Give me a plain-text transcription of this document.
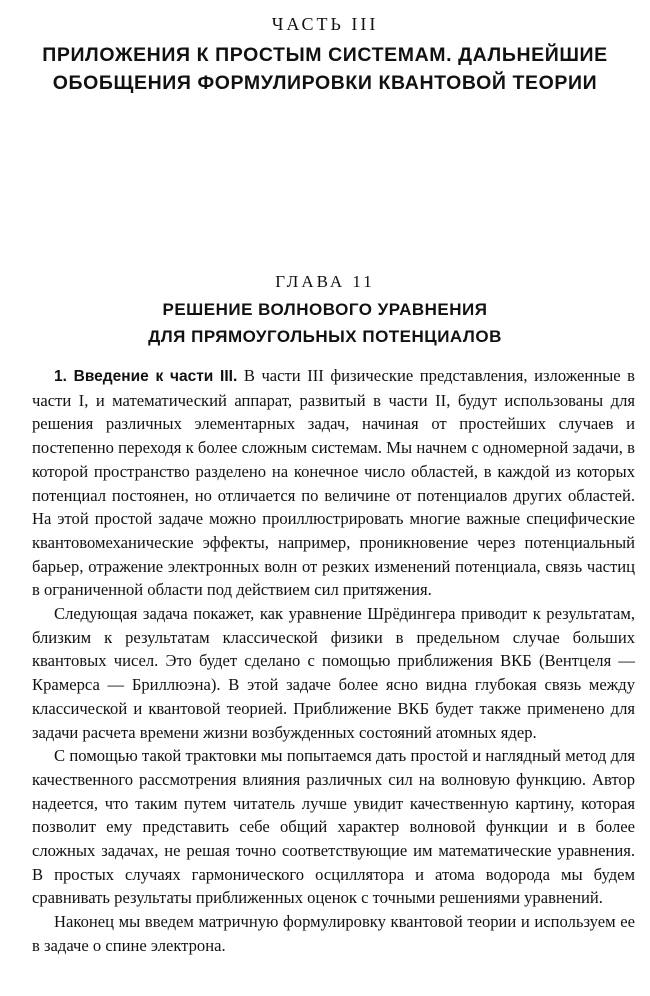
ЧАСТЬ III
ПРИЛОЖЕНИЯ К ПРОСТЫМ СИСТЕМАМ. ДАЛЬНЕЙШИЕ
ОБОБЩЕНИЯ ФОРМУЛИРОВКИ КВАНТОВОЙ ТЕОРИИ
ГЛАВА 11
РЕШЕНИЕ ВОЛНОВОГО УРАВНЕНИЯ
ДЛЯ ПРЯМОУГОЛЬНЫХ ПОТЕНЦИАЛОВ

1. Введение к части III. В части III физические представления, изложенные в части I, и математический аппарат, развитый в части II, будут использованы для решения различных элементарных задач, начиная от простейших случаев и постепенно переходя к более сложным системам. Мы начнем с одномерной задачи, в которой пространство разделено на конечное число областей, в каждой из которых потенциал постоянен, но отличается по величине от потенциалов других областей. На этой простой задаче можно проиллюстрировать многие важные специфические квантовомеханические эффекты, например, проникновение через потенциальный барьер, отражение электронных волн от резких изменений потенциала, связь частиц в ограниченной области под действием сил притяжения.

Следующая задача покажет, как уравнение Шрёдингера приводит к результатам, близким к результатам классической физики в предельном случае больших квантовых чисел. Это будет сделано с помощью приближения ВКБ (Вентцеля — Крамерса — Бриллюэна). В этой задаче более ясно видна глубокая связь между классической и квантовой теорией. Приближение ВКБ будет также применено для задачи расчета времени жизни возбужденных состояний атомных ядер.

С помощью такой трактовки мы попытаемся дать простой и наглядный метод для качественного рассмотрения влияния различных сил на волновую функцию. Автор надеется, что таким путем читатель лучше увидит качественную картину, которая позволит ему представить себе общий характер волновой функции и в более сложных задачах, не решая точно соответствующие им математические уравнения. В простых случаях гармонического осциллятора и атома водорода мы будем сравнивать результаты приближенных оценок с точными решениями уравнений.

Наконец мы введем матричную формулировку квантовой теории и используем ее в задаче о спине электрона.
